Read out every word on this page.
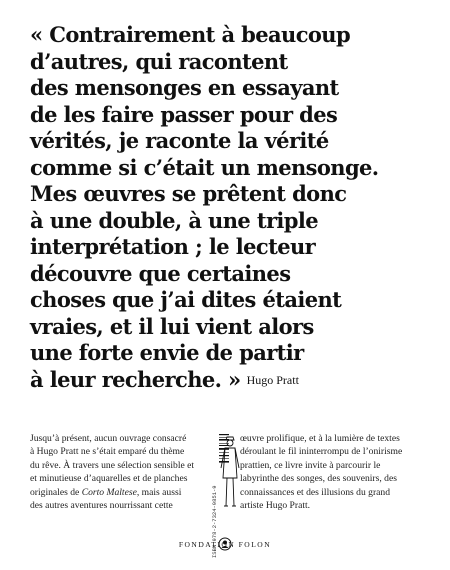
« Contrairement à beaucoup
d’autres, qui racontent
des mensonges en essayant
de les faire passer pour des
vérités, je raconte la vérité
comme si c’était un mensonge.
Mes œuvres se prêtent donc
à une double, à une triple
interprétation ; le lecteur
découvre que certaines
choses que j’ai dites étaient
vraies, et il lui vient alors
une forte envie de partir
à leur recherche. » Hugo Pratt
Jusqu’à présent, aucun ouvrage consacré
à Hugo Pratt ne s’était emparé du thème
du rêve. À travers une sélection sensible et
et minutieuse d’aquarelles et de planches
originales de Corto Maltese, mais aussi
des autres aventures nourrissant cette	ISBN 978-2-7324-9851-9
œuvre prolifique, et à la lumière de textes
déroulant le fil ininterrompu de l’onirisme
prattien, ce livre invite à parcourir le
labyrinthe des songes, des souvenirs, des
connaissances et des illusions du grand
artiste Hugo Pratt.
FONDATION FOLON
